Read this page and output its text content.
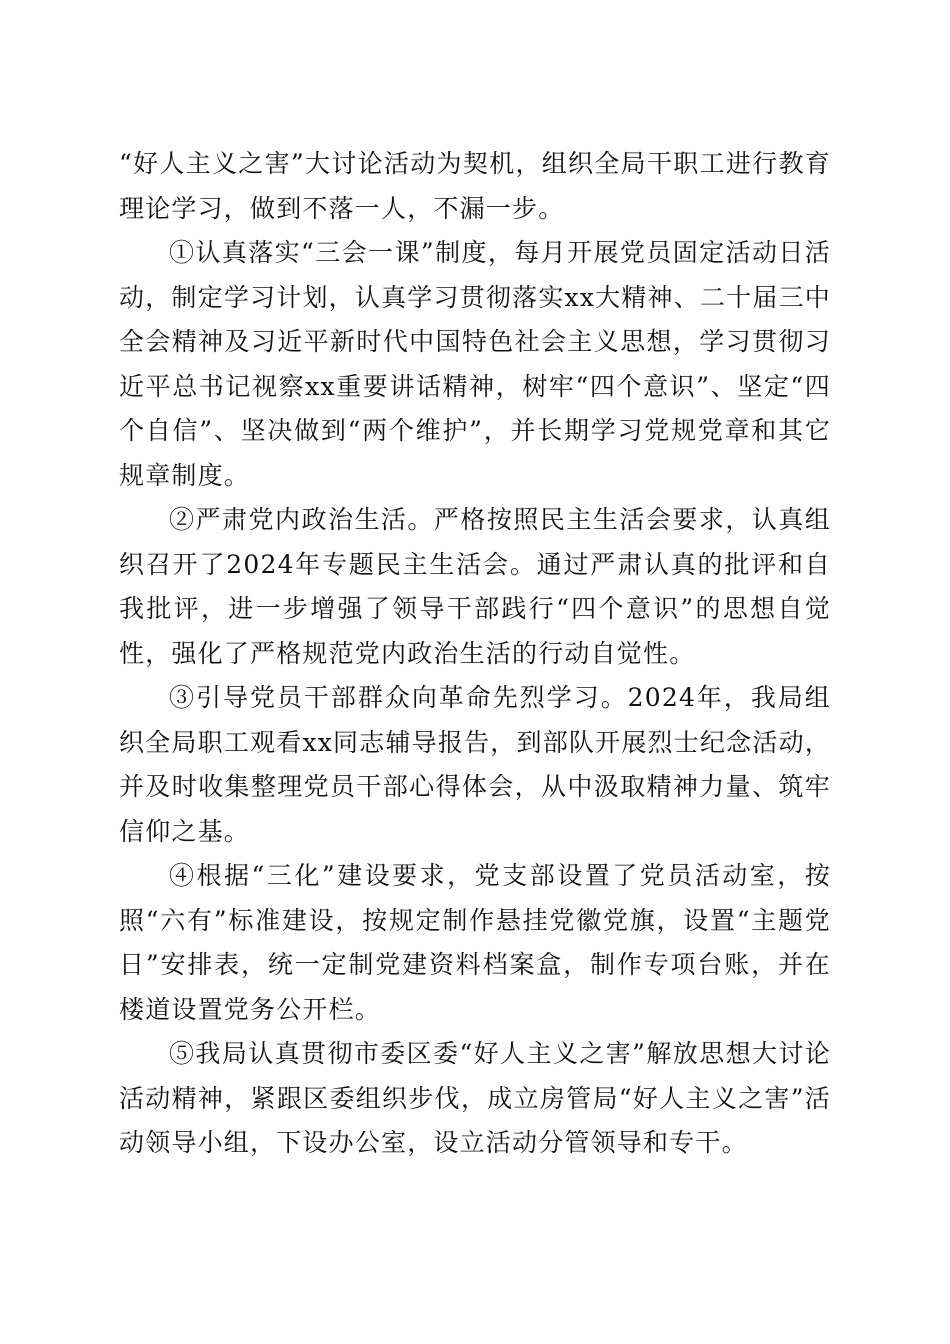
“好人主义之害”大讨论活动为契机，组织全局干职工进行教育理论学习，做到不落一人，不漏一步。

①认真落实“三会一课”制度，每月开展党员固定活动日活动，制定学习计划，认真学习贯彻落实xx大精神、二十届三中全会精神及习近平新时代中国特色社会主义思想，学习贯彻习近平总书记视察xx重要讲话精神，树牢“四个意识”、坚定“四个自信”、坚决做到“两个维护”，并长期学习党规党章和其它规章制度。

②严肃党内政治生活。严格按照民主生活会要求，认真组织召开了2024年专题民主生活会。通过严肃认真的批评和自我批评，进一步增强了领导干部践行“四个意识”的思想自觉性，强化了严格规范党内政治生活的行动自觉性。

③引导党员干部群众向革命先烈学习。2024年，我局组织全局职工观看xx同志辅导报告，到部队开展烈士纪念活动，并及时收集整理党员干部心得体会，从中汲取精神力量、筑牢信仰之基。

④根据“三化”建设要求，党支部设置了党员活动室，按照“六有”标准建设，按规定制作悬挂党徽党旗，设置“主题党日”安排表，统一定制党建资料档案盒，制作专项台账，并在楼道设置党务公开栏。

⑤我局认真贯彻市委区委“好人主义之害”解放思想大讨论活动精神，紧跟区委组织步伐，成立房管局“好人主义之害”活动领导小组，下设办公室，设立活动分管领导和专干。
